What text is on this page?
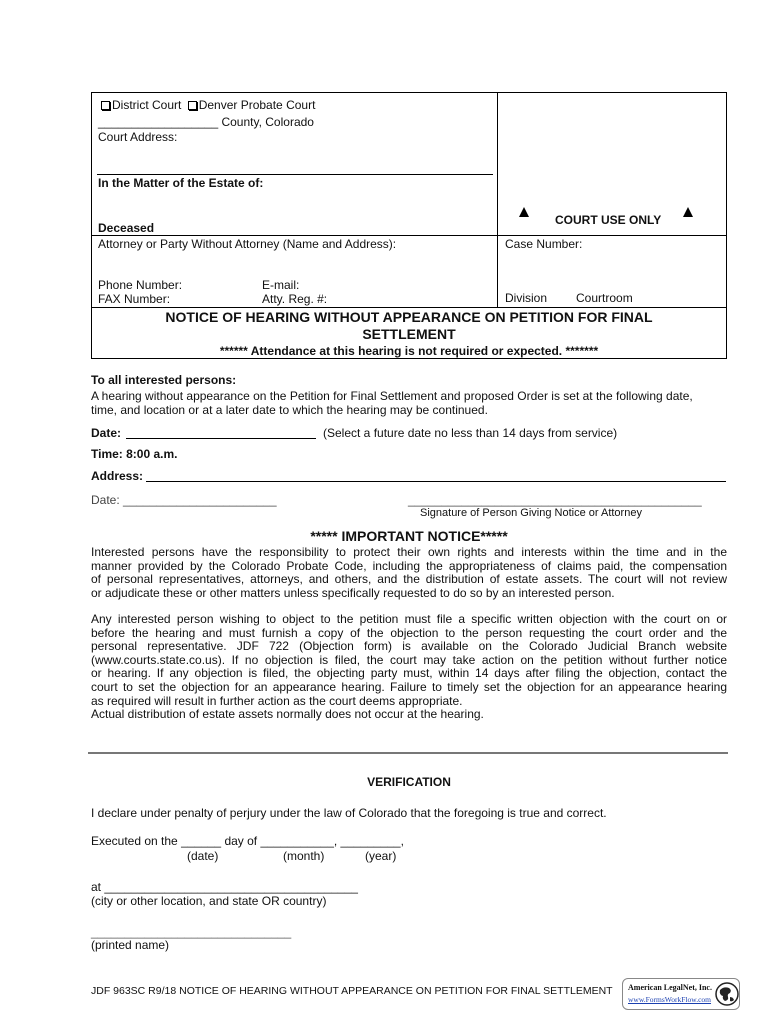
District Court Denver Probate Court
__________________ County, Colorado
Court Address:
In the Matter of the Estate of:
Deceased
COURT USE ONLY
Attorney or Party Without Attorney (Name and Address):	Case Number:
Phone Number:	E-mail:
FAX Number:	Atty. Reg. #:	Division Courtroom
NOTICE OF HEARING WITHOUT APPEARANCE ON PETITION FOR FINAL
SETTLEMENT
****** Attendance at this hearing is not required or expected. *******
To all interested persons:
A hearing without appearance on the Petition for Final Settlement and proposed Order is set at the following date,
time, and location or at a later date to which the hearing may be continued.
Date:	(Select a future date no less than 14 days from service)
Time: 8:00 a.m.
Address:
Date: _______________________	____________________________________________
Signature of Person Giving Notice or Attorney
***** IMPORTANT NOTICE*****
Interested persons have the responsibility to protect their own rights and interests within the time and in the
manner provided by the Colorado Probate Code, including the appropriateness of claims paid, the compensation
of personal representatives, attorneys, and others, and the distribution of estate assets. The court will not review
or adjudicate these or other matters unless specifically requested to do so by an interested person.
Any interested person wishing to object to the petition must file a specific written objection with the court on or
before the hearing and must furnish a copy of the objection to the person requesting the court order and the
personal representative. JDF 722 (Objection form) is available on the Colorado Judicial Branch website
(www.courts.state.co.us). If no objection is filed, the court may take action on the petition without further notice
or hearing. If any objection is filed, the objecting party must, within 14 days after filing the objection, contact the
court to set the objection for an appearance hearing. Failure to timely set the objection for an appearance hearing
as required will result in further action as the court deems appropriate.
Actual distribution of estate assets normally does not occur at the hearing.
VERIFICATION
I declare under penalty of perjury under the law of Colorado that the foregoing is true and correct.
Executed on the ______ day of ___________, _________,
(date)	(month)	(year)
at ______________________________________
(city or other location, and state OR country)
______________________________
(printed name)
JDF 963SC R9/18 NOTICE OF HEARING WITHOUT APPEARANCE ON PETITION FOR FINAL SETTLEMENT American LegalNet, Inc.
www.FormsWorkFlow.com
